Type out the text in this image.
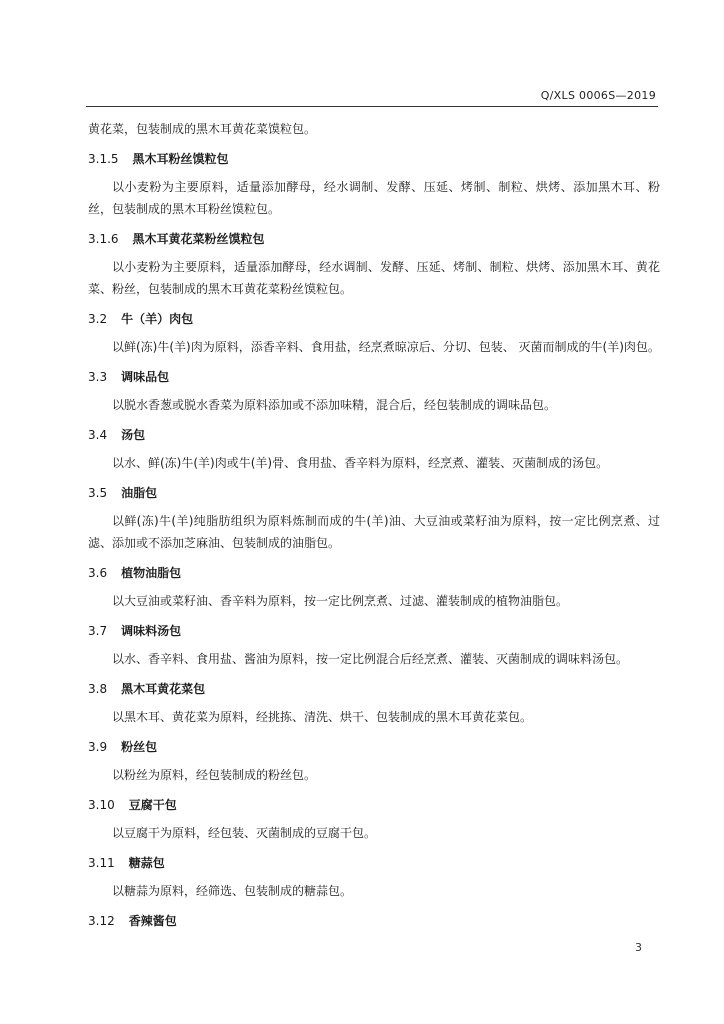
Q/XLS 0006S—2019

黄花菜，包装制成的黑木耳黄花菜馍粒包。

3.1.5 黑木耳粉丝馍粒包

以小麦粉为主要原料，适量添加酵母，经水调制、发酵、压延、烤制、制粒、烘烤、添加黑木耳、粉丝，包装制成的黑木耳粉丝馍粒包。

3.1.6 黑木耳黄花菜粉丝馍粒包

以小麦粉为主要原料，适量添加酵母，经水调制、发酵、压延、烤制、制粒、烘烤、添加黑木耳、黄花菜、粉丝，包装制成的黑木耳黄花菜粉丝馍粒包。

3.2 牛（羊）肉包

以鲜(冻)牛(羊)肉为原料，添香辛料、食用盐，经烹煮晾凉后、分切、包装、 灭菌而制成的牛(羊)肉包。

3.3 调味品包

以脱水香葱或脱水香菜为原料添加或不添加味精，混合后，经包装制成的调味品包。

3.4 汤包

以水、鲜(冻)牛(羊)肉或牛(羊)骨、食用盐、香辛料为原料，经烹煮、灌装、灭菌制成的汤包。

3.5 油脂包

以鲜(冻)牛(羊)纯脂肪组织为原料炼制而成的牛(羊)油、大豆油或菜籽油为原料，按一定比例烹煮、过滤、添加或不添加芝麻油、包装制成的油脂包。

3.6 植物油脂包

以大豆油或菜籽油、香辛料为原料，按一定比例烹煮、过滤、灌装制成的植物油脂包。

3.7 调味料汤包

以水、香辛料、食用盐、酱油为原料，按一定比例混合后经烹煮、灌装、灭菌制成的调味料汤包。

3.8 黑木耳黄花菜包

以黑木耳、黄花菜为原料，经挑拣、清洗、烘干、包装制成的黑木耳黄花菜包。

3.9 粉丝包

以粉丝为原料，经包装制成的粉丝包。

3.10 豆腐干包

以豆腐干为原料，经包装、灭菌制成的豆腐干包。

3.11 糖蒜包

以糖蒜为原料，经筛选、包装制成的糖蒜包。

3.12 香辣酱包
3
